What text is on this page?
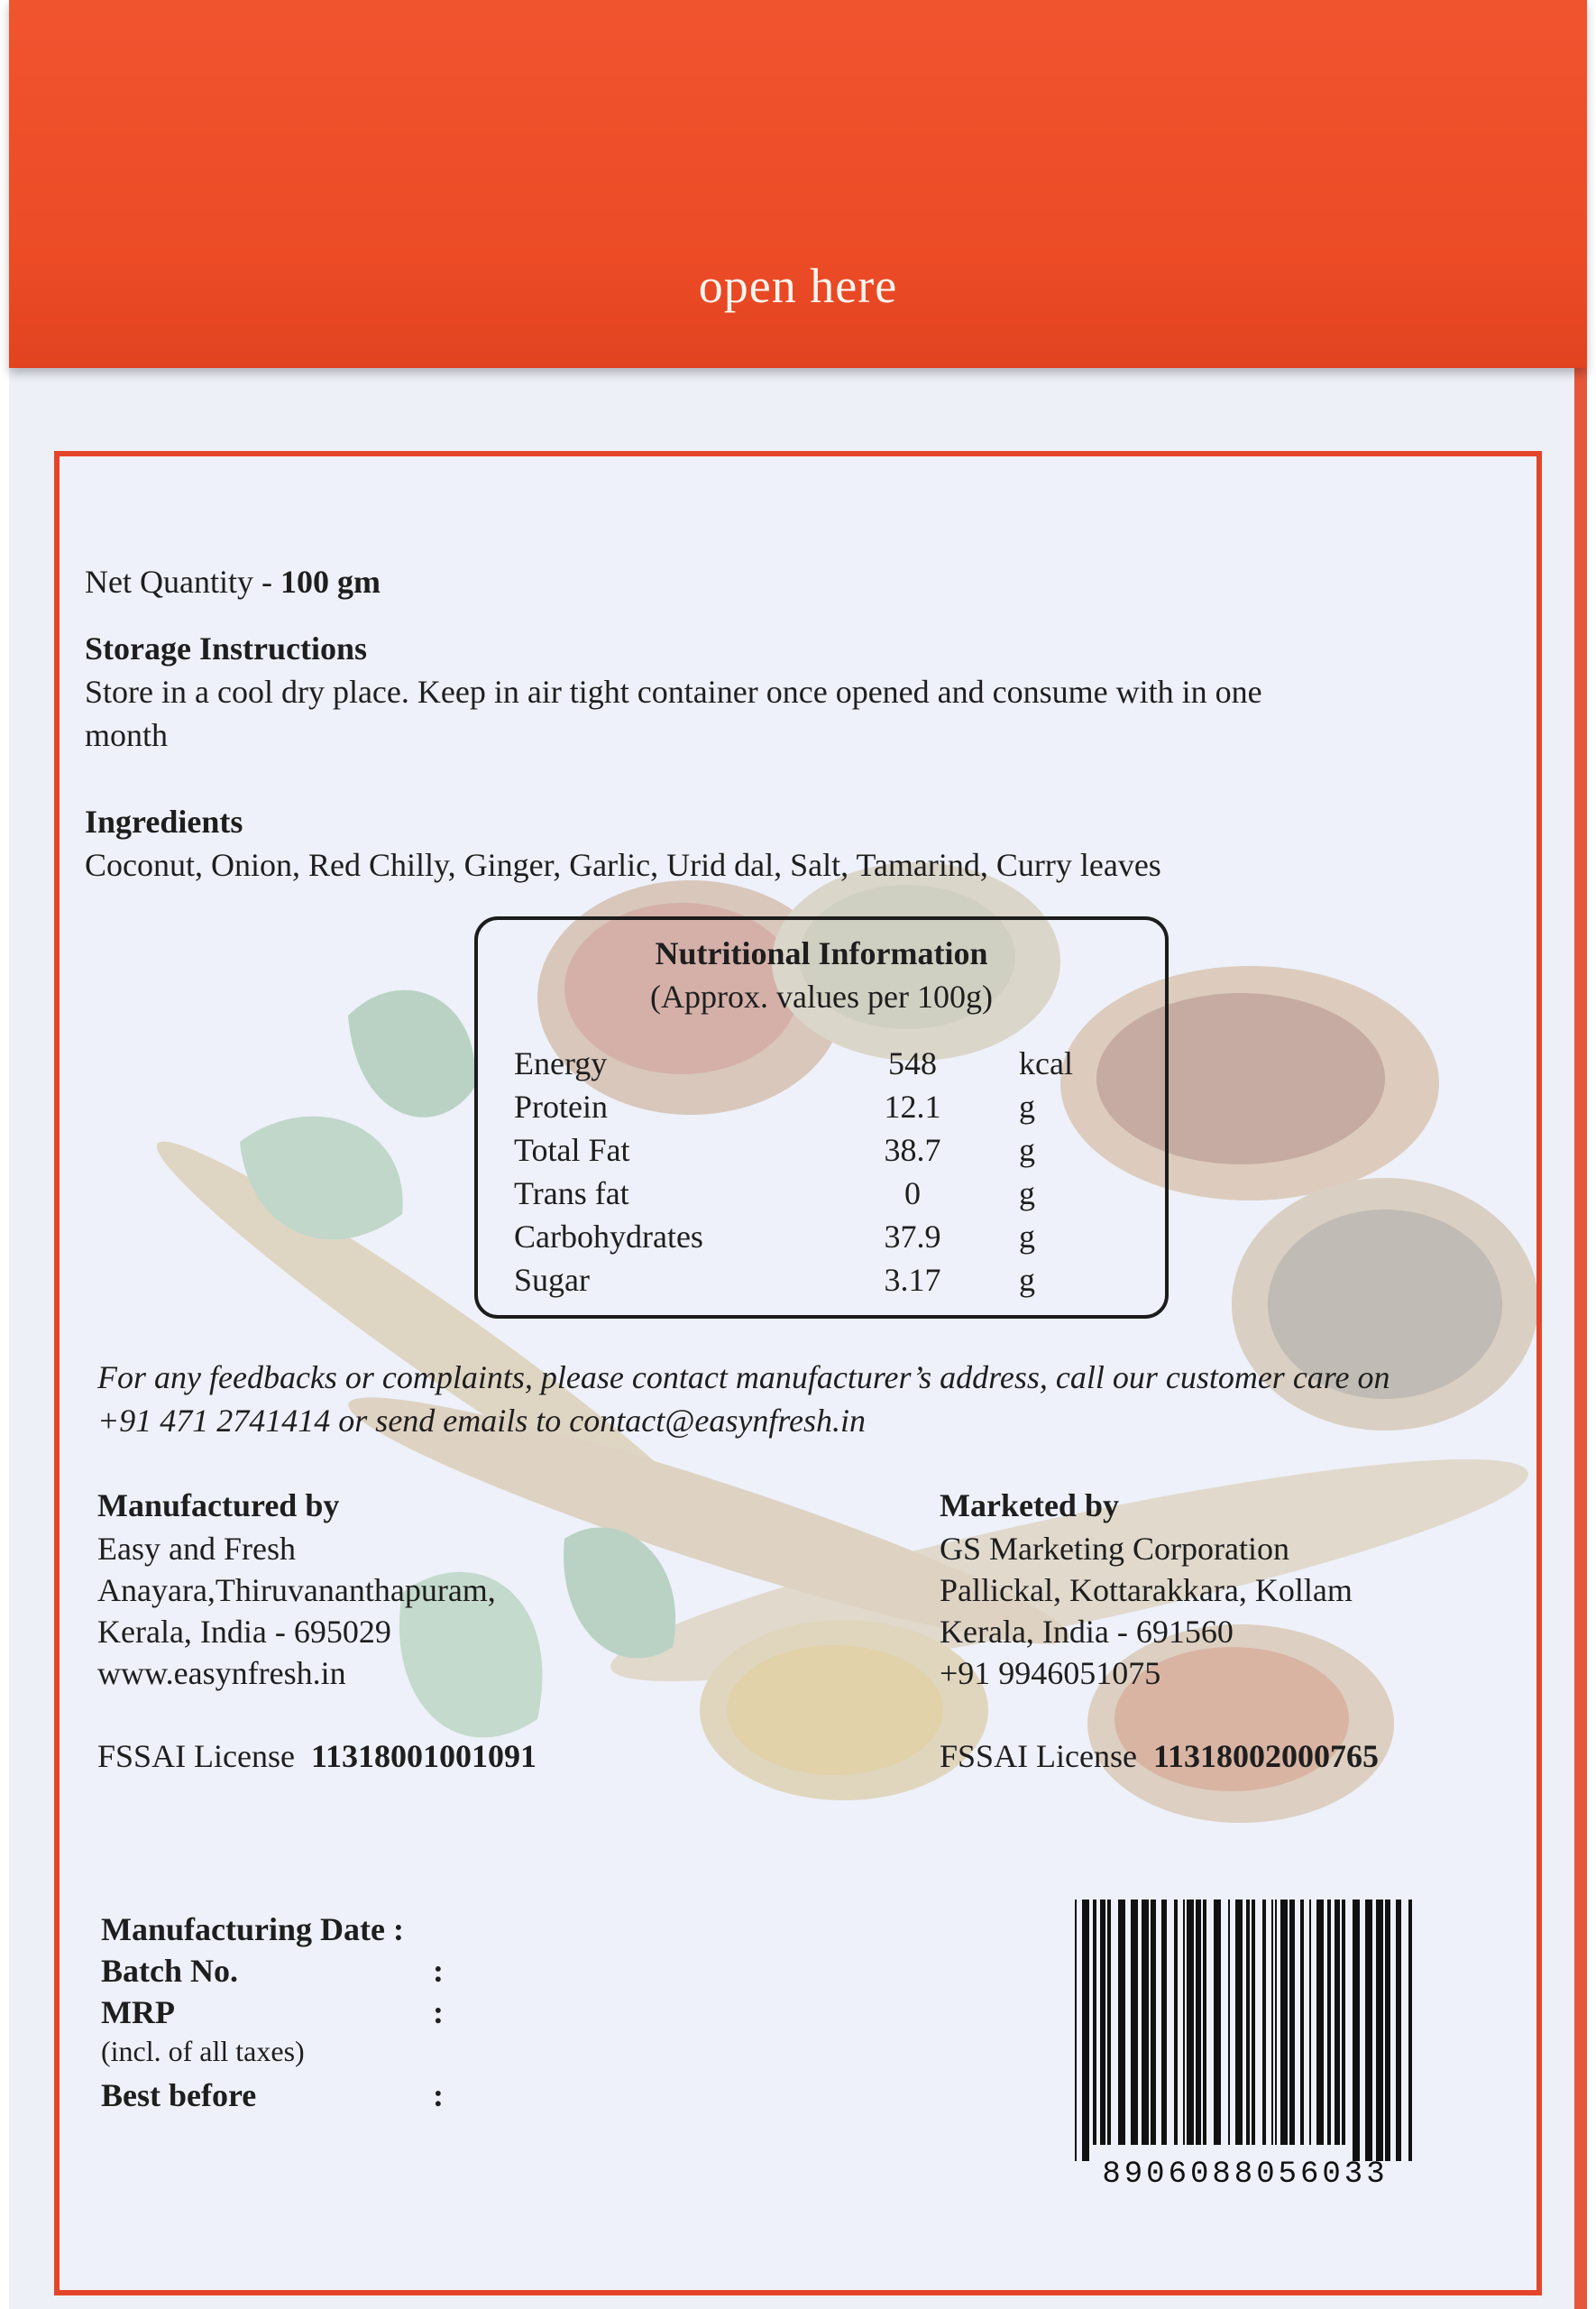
open here
Net Quantity - 100 gm
Storage Instructions
Store in a cool dry place. Keep in air tight container once opened and consume with in one
month
Ingredients
Coconut, Onion, Red Chilly, Ginger, Garlic, Urid dal, Salt, Tamarind, Curry leaves
Nutritional Information
(Approx. values per 100g)
Energy	548	kcal
Protein	12.1	g
Total Fat	38.7	g
Trans fat	0	g
Carbohydrates	37.9	g
Sugar	3.17	g
For any feedbacks or complaints, please contact manufacturer’s address, call our customer care on
+91 471 2741414 or send emails to contact@easynfresh.in
Manufactured by
Easy and Fresh
Anayara,Thiruvananthapuram,
Kerala, India - 695029
www.easynfresh.in
FSSAI License 11318001001091
Marketed by
GS Marketing Corporation
Pallickal, Kottarakkara, Kollam
Kerala, India - 691560
+91 9946051075
FSSAI License 11318002000765
Manufacturing Date :
Batch No.	:
MRP	:
(incl. of all taxes)
Best before	:
8906088056033
